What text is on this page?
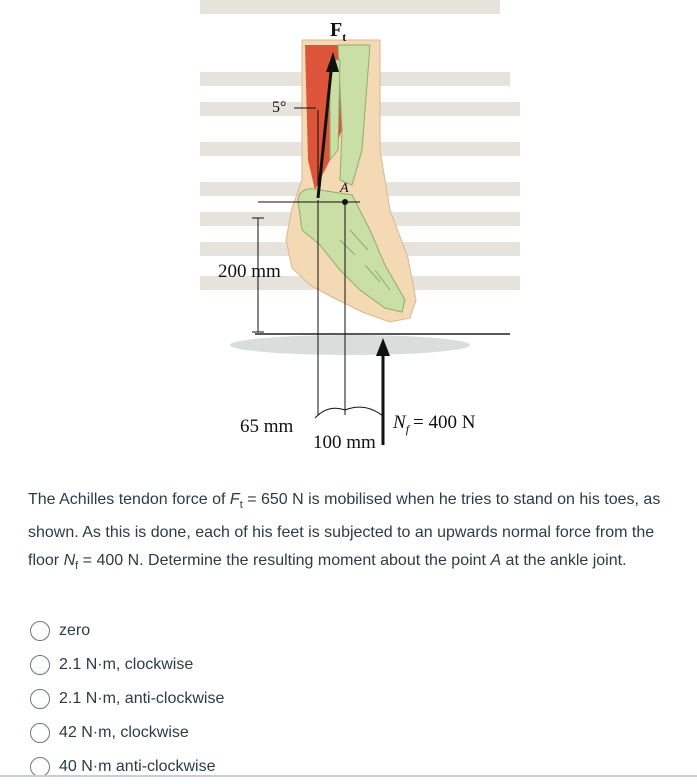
$F_t$
5°
A
200 mm
65 mm
100 mm
$N_f = 400$ N
The Achilles tendon force of $F_t = 650$ N is mobilised when he tries to stand on his toes, as shown. As this is done, each of his feet is subjected to an upwards normal force from the floor $N_f = 400$ N. Determine the resulting moment about the point A at the ankle joint.
zero
2.1 N·m, clockwise
2.1 N·m, anti-clockwise
42 N·m, clockwise
40 N·m anti-clockwise
